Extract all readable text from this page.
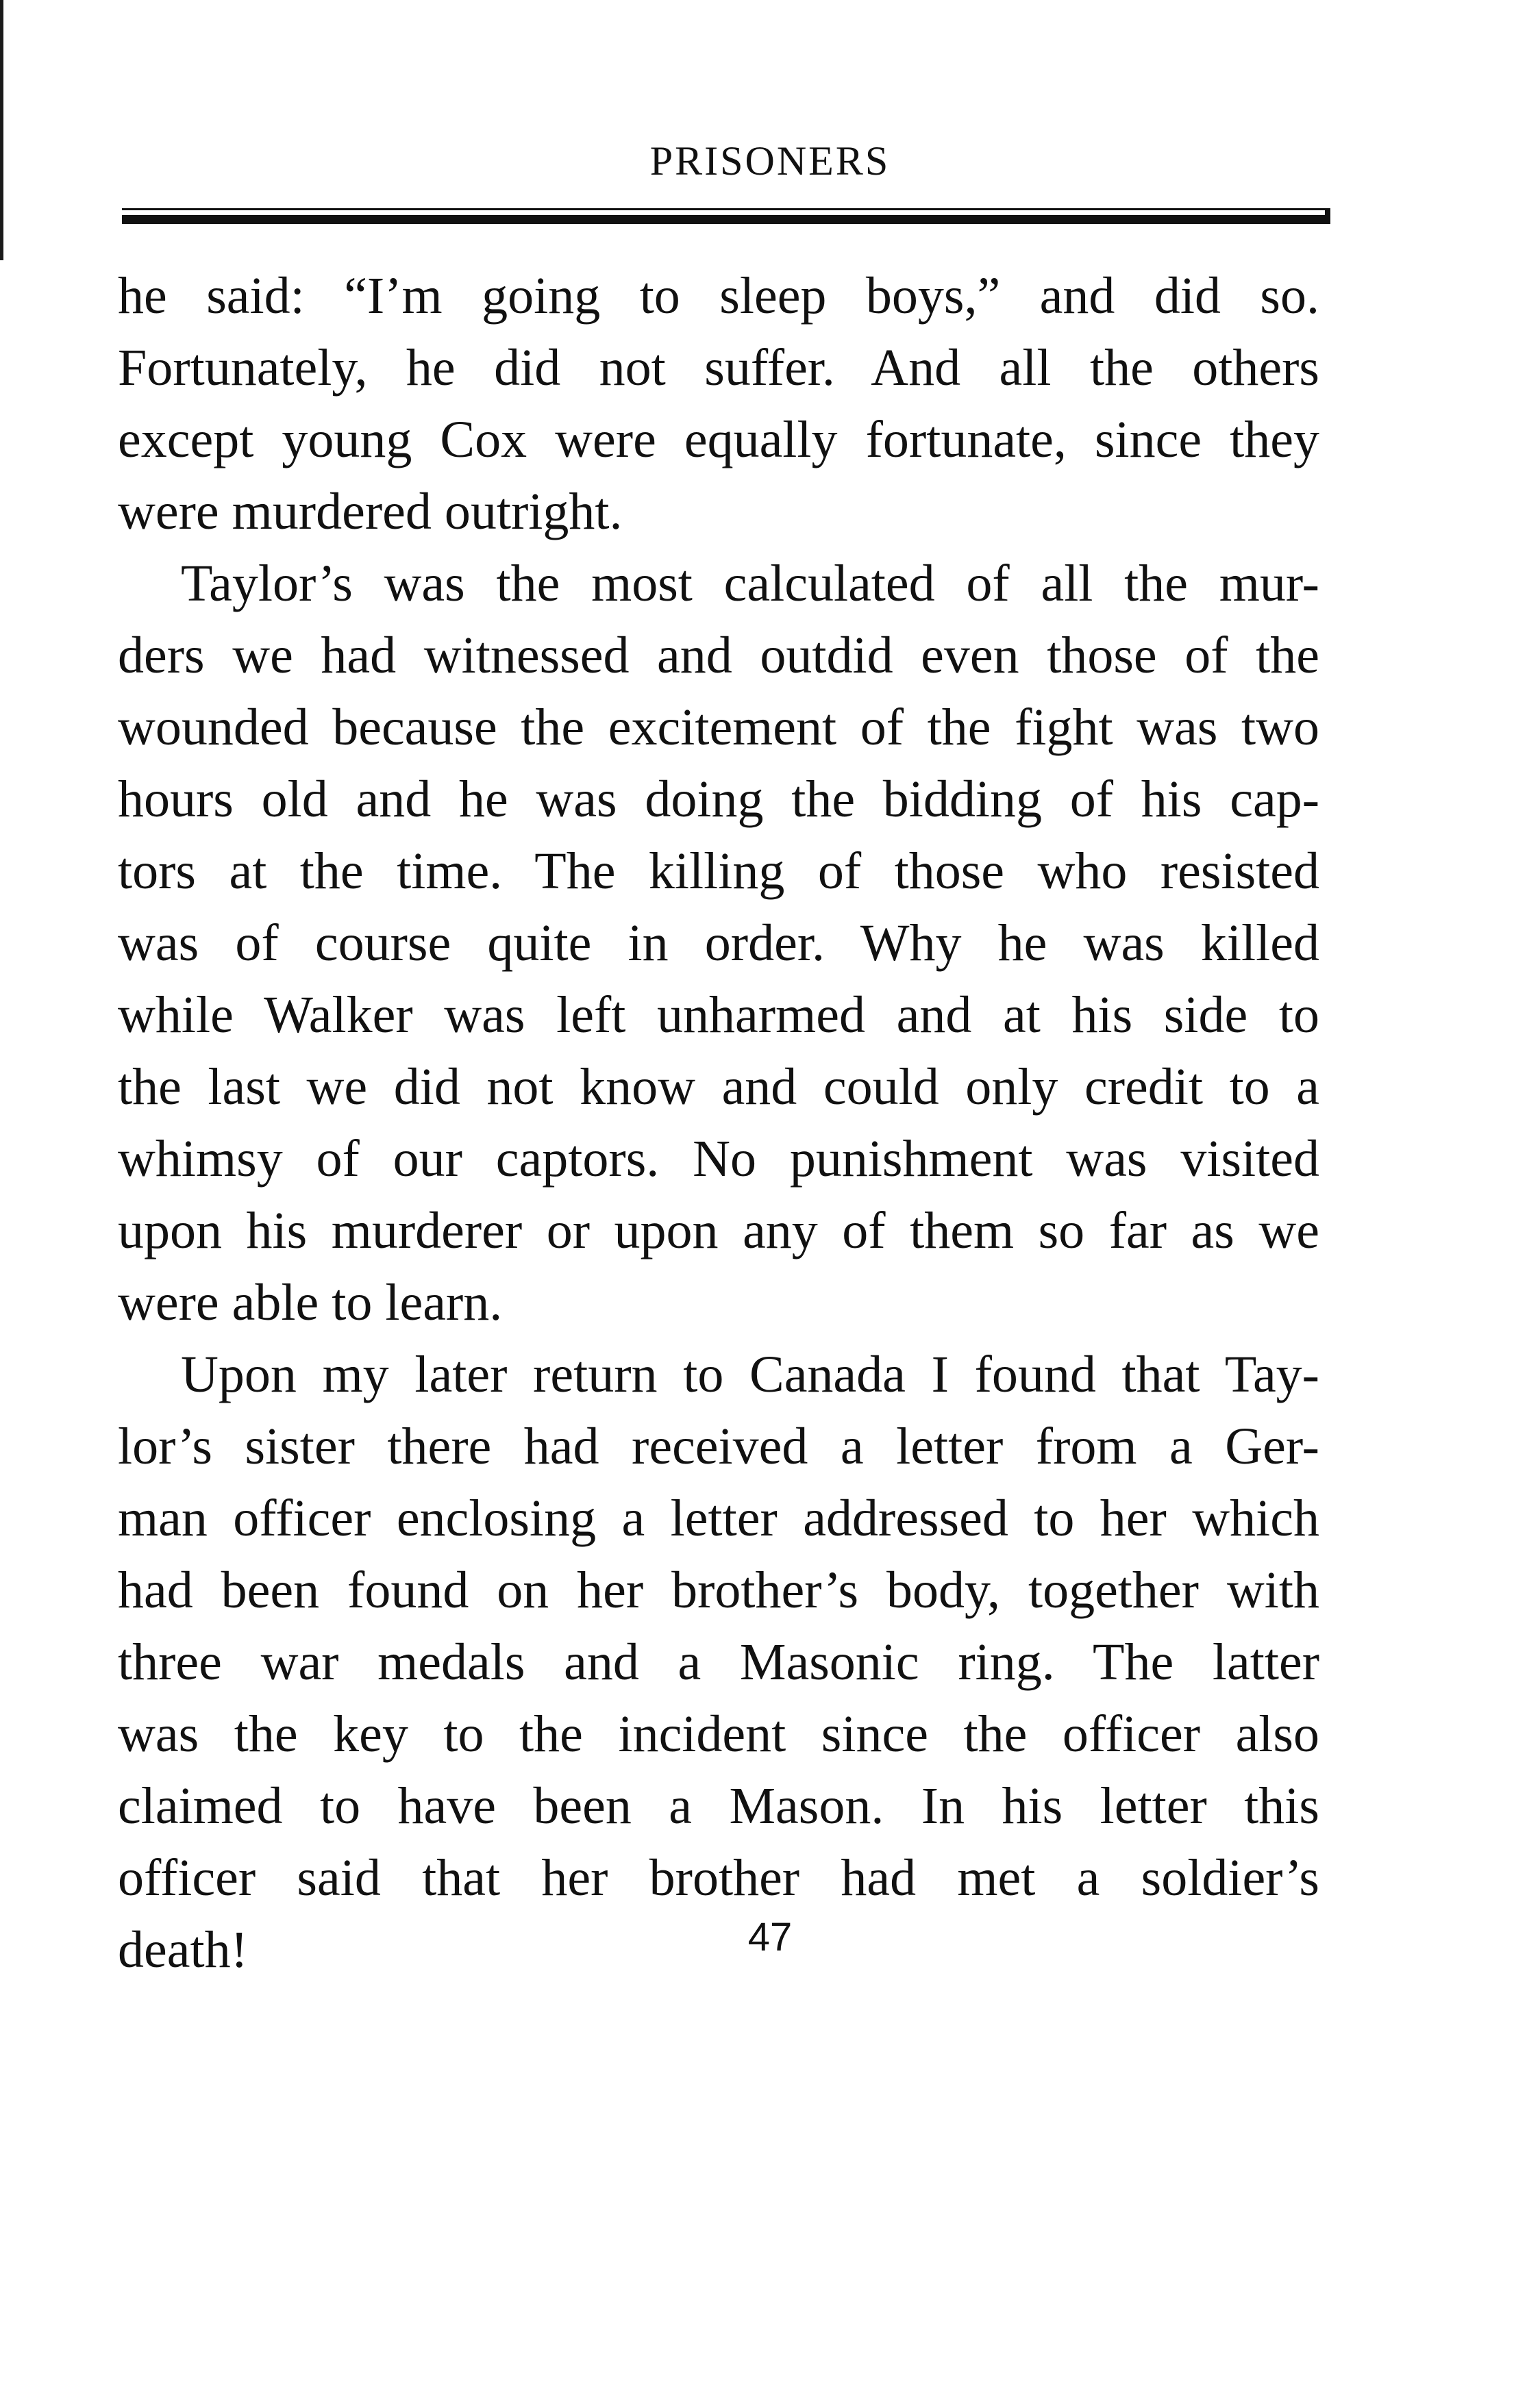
PRISONERS
he said: “I’m going to sleep boys,” and did so.
Fortunately, he did not suffer. And all the others
except young Cox were equally fortunate, since they
were murdered outright.
Taylor’s was the most calculated of all the mur-
ders we had witnessed and outdid even those of the
wounded because the excitement of the fight was two
hours old and he was doing the bidding of his cap-
tors at the time. The killing of those who resisted
was of course quite in order. Why he was killed
while Walker was left unharmed and at his side to
the last we did not know and could only credit to a
whimsy of our captors. No punishment was visited
upon his murderer or upon any of them so far as we
were able to learn.
Upon my later return to Canada I found that Tay-
lor’s sister there had received a letter from a Ger-
man officer enclosing a letter addressed to her which
had been found on her brother’s body, together with
three war medals and a Masonic ring. The latter
was the key to the incident since the officer also
claimed to have been a Mason. In his letter this
officer said that her brother had met a soldier’s
death!	47
